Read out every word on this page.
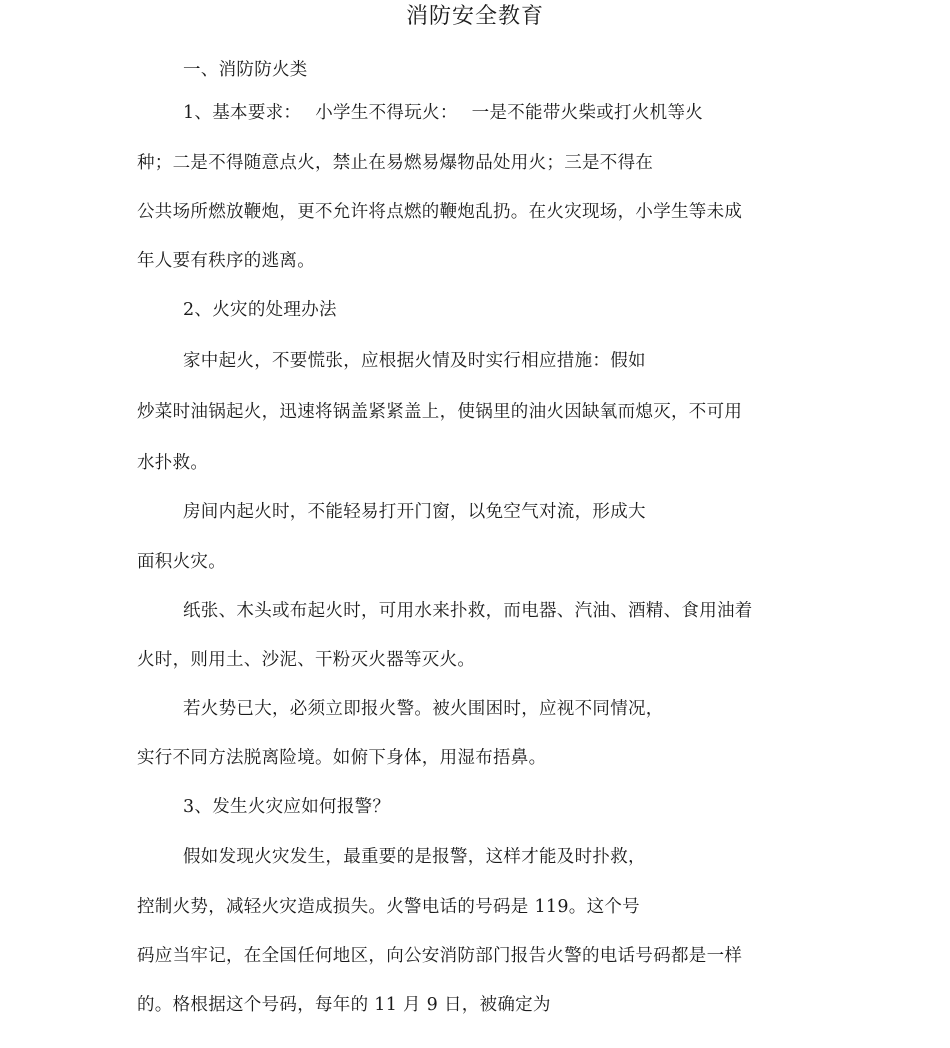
消防安全教育
一、消防防火类
1、基本要求： 小学生不得玩火： 一是不能带火柴或打火机等火
种；二是不得随意点火，禁止在易燃易爆物品处用火；三是不得在
公共场所燃放鞭炮，更不允许将点燃的鞭炮乱扔。在火灾现场，小学生等未成
年人要有秩序的逃离。
2、火灾的处理办法
家中起火，不要慌张，应根据火情及时实行相应措施：假如
炒菜时油锅起火，迅速将锅盖紧紧盖上，使锅里的油火因缺氧而熄灭，不可用
水扑救。
房间内起火时，不能轻易打开门窗，以免空气对流，形成大
面积火灾。
纸张、木头或布起火时，可用水来扑救，而电器、汽油、酒精、食用油着
火时，则用土、沙泥、干粉灭火器等灭火。
若火势已大，必须立即报火警。被火围困时，应视不同情况，
实行不同方法脱离险境。如俯下身体，用湿布捂鼻。
3、发生火灾应如何报警？
假如发现火灾发生，最重要的是报警，这样才能及时扑救，
控制火势，减轻火灾造成损失。火警电话的号码是 119。这个号
码应当牢记，在全国任何地区，向公安消防部门报告火警的电话号码都是一样
的。格根据这个号码，每年的 11 月 9 日，被确定为
